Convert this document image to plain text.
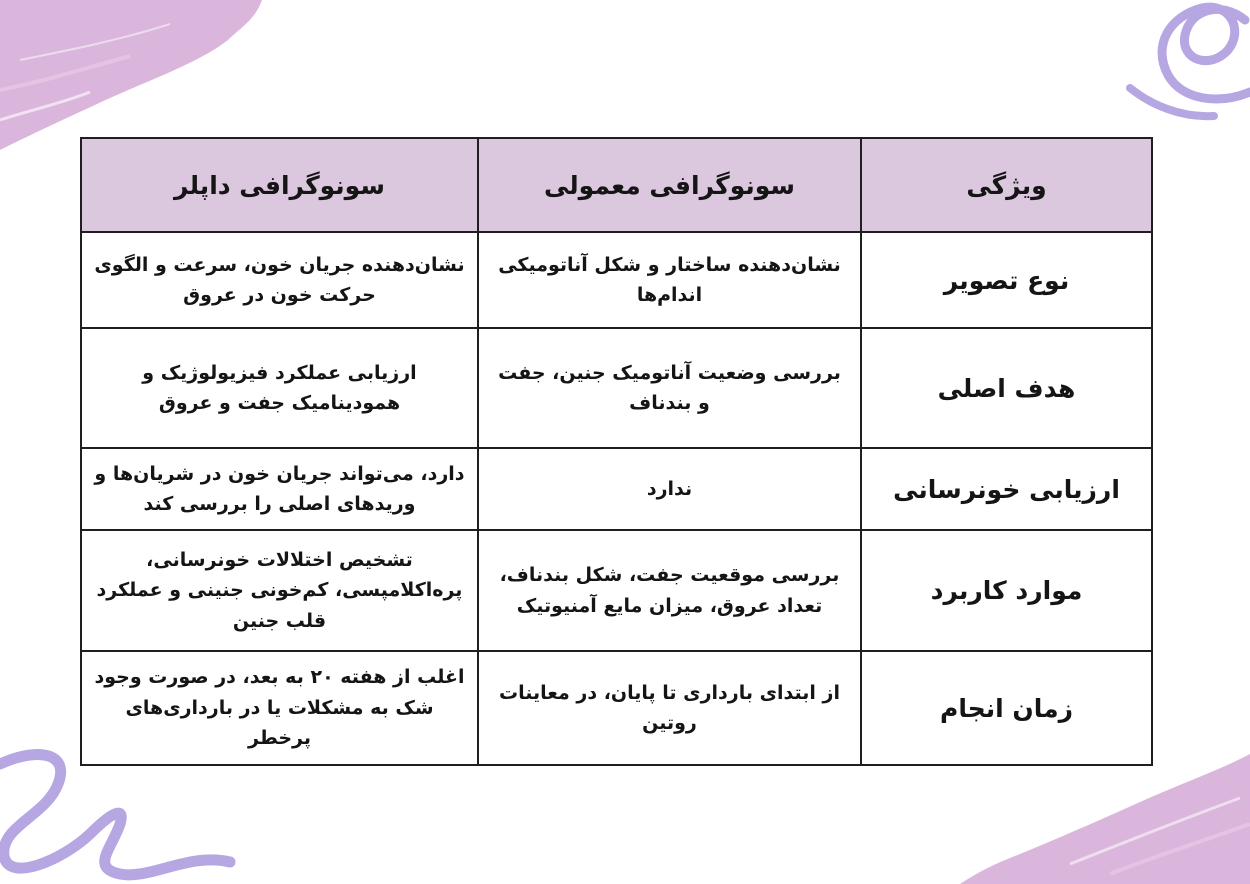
ویژگی	سونوگرافی معمولی	سونوگرافی داپلر
نوع تصویر	نشان‌دهنده ساختار و شکل آناتومیکی اندام‌ها	نشان‌دهنده جریان خون، سرعت و الگوی حرکت خون در عروق
هدف اصلی	بررسی وضعیت آناتومیک جنین، جفت و بندناف	ارزیابی عملکرد فیزیولوژیک و همودینامیک جفت و عروق
ارزیابی خونرسانی	ندارد	دارد، می‌تواند جریان خون در شریان‌ها و وریدهای اصلی را بررسی کند
موارد کاربرد	بررسی موقعیت جفت، شکل بندناف، تعداد عروق، میزان مایع آمنیوتیک	تشخیص اختلالات خونرسانی، پره‌اکلامپسی، کم‌خونی جنینی و عملکرد قلب جنین
زمان انجام	از ابتدای بارداری تا پایان، در معاینات روتین	اغلب از هفته ۲۰ به بعد، در صورت وجود شک به مشکلات یا در بارداری‌های پرخطر
